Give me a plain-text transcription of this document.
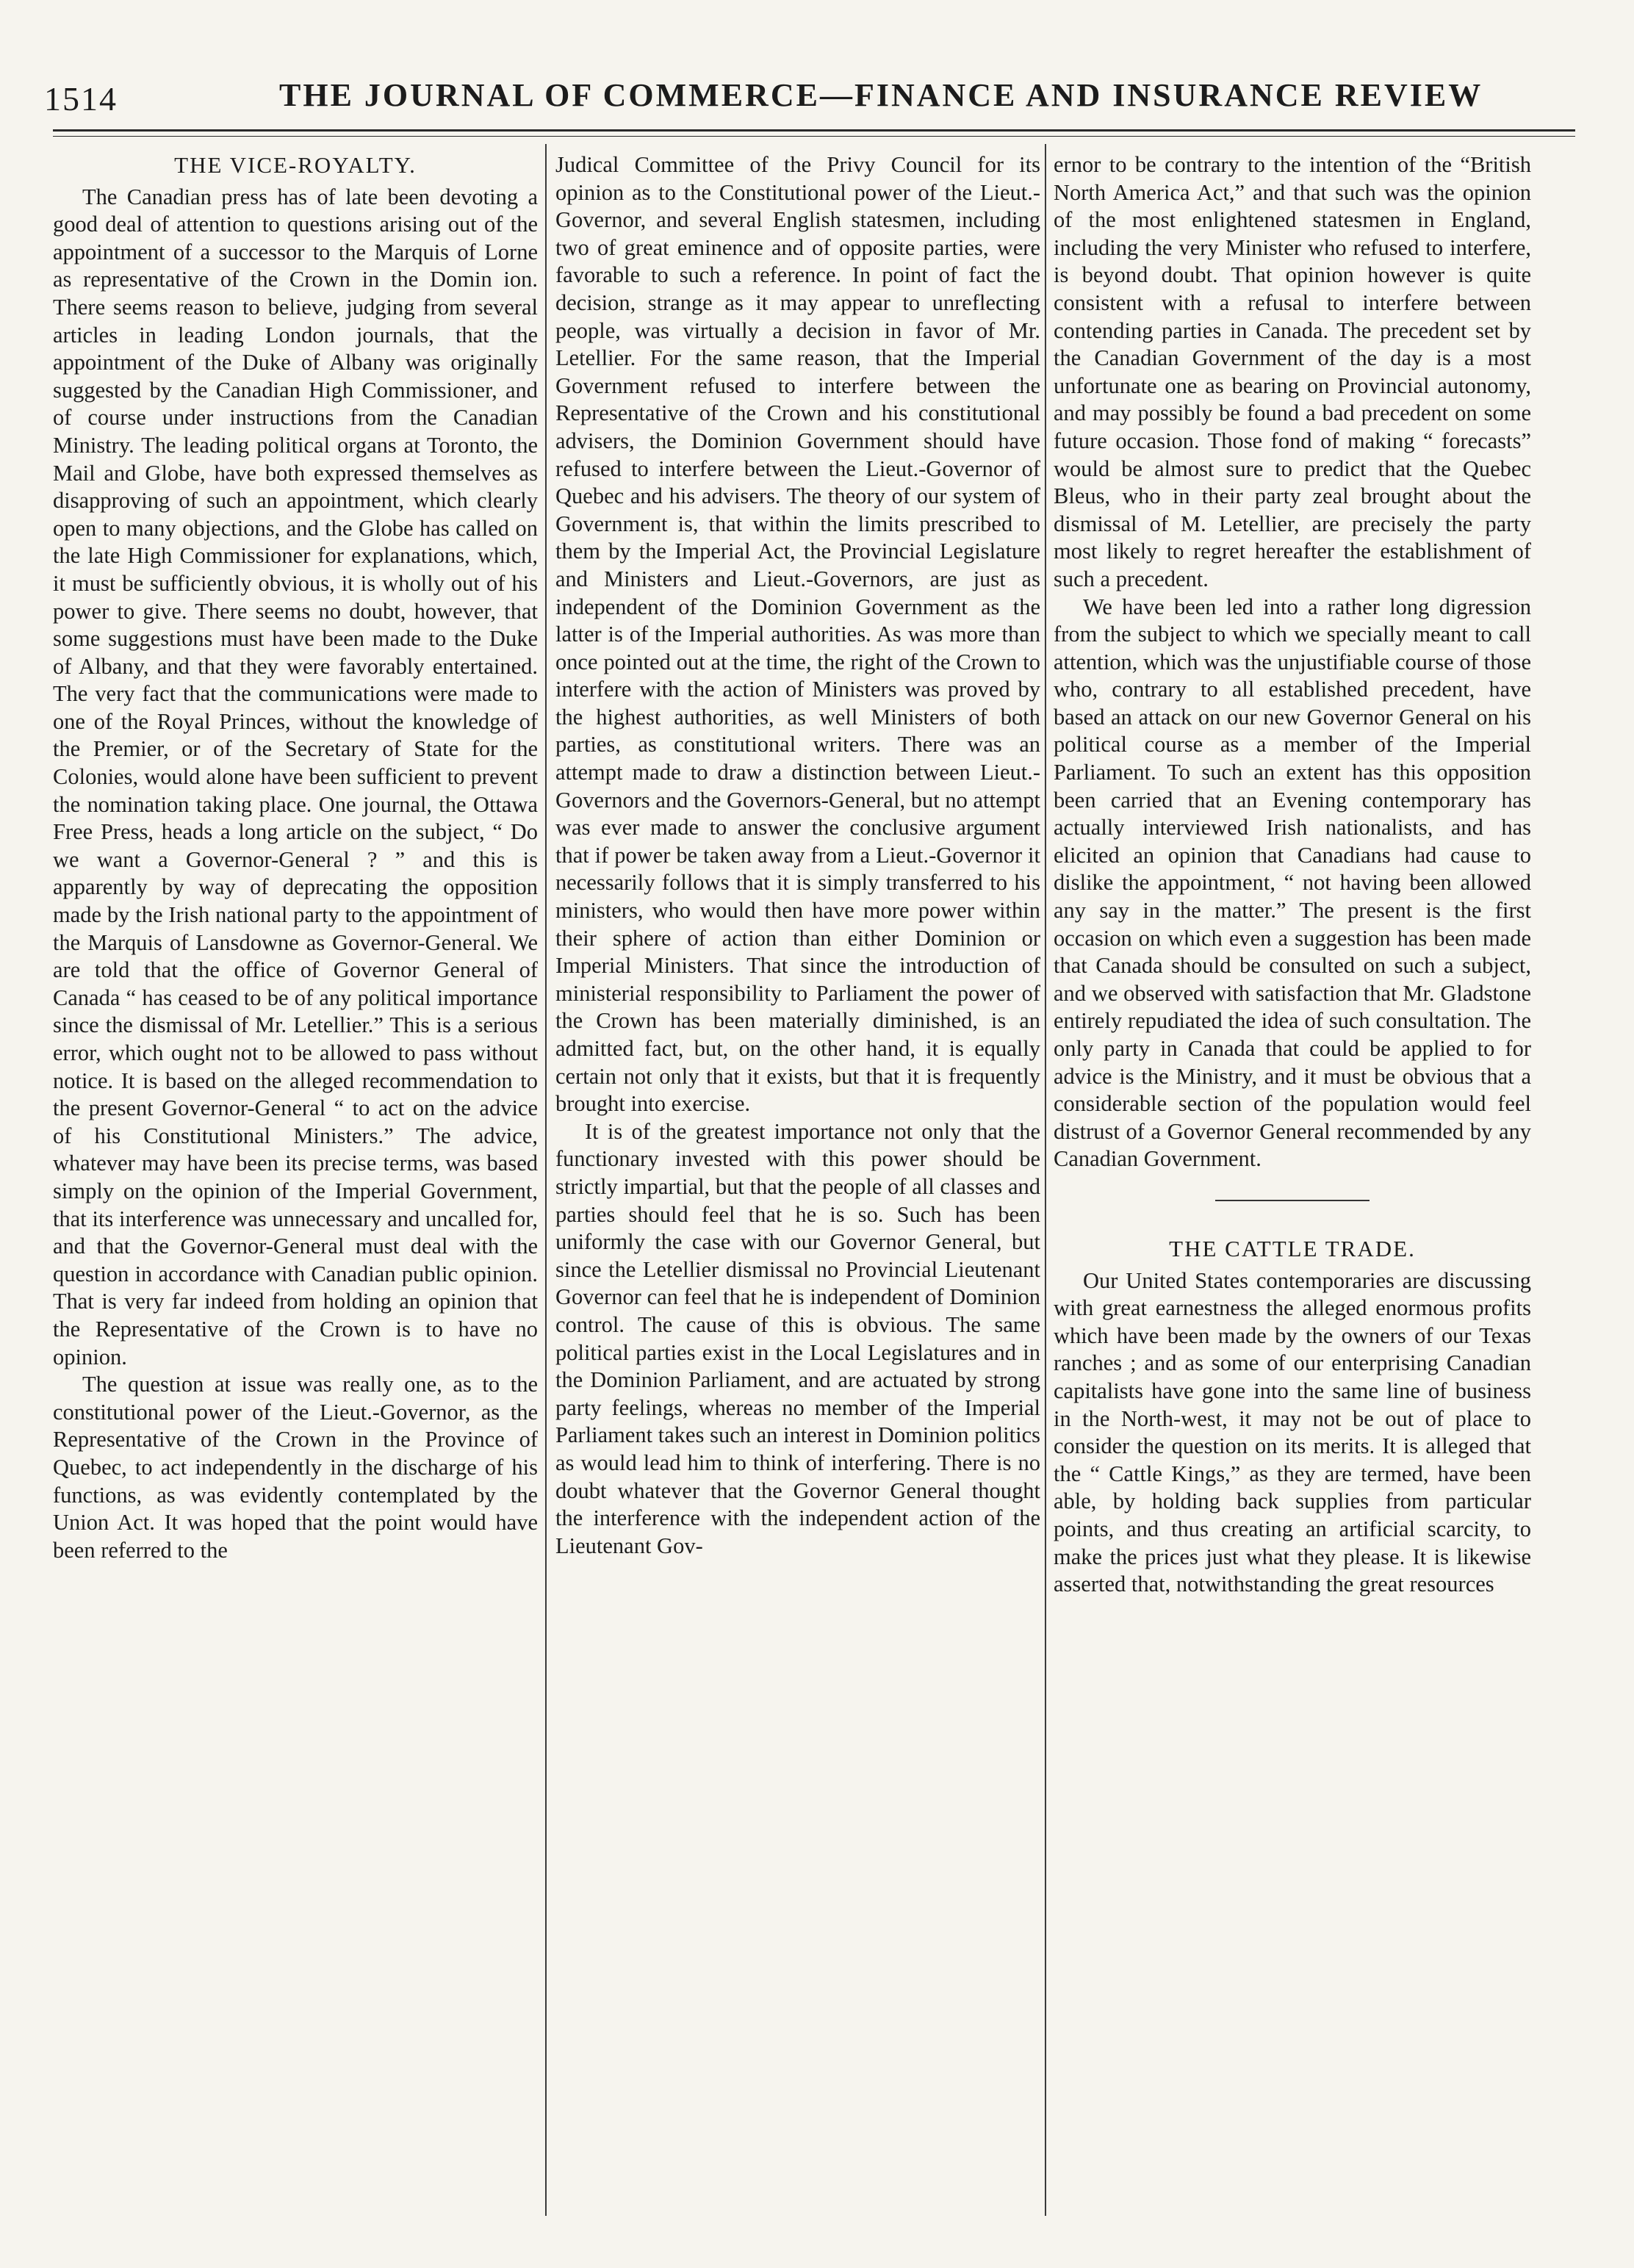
1514	THE JOURNAL OF COMMERCE—FINANCE AND INSURANCE REVIEW
THE VICE-ROYALTY.

The Canadian press has of late been devoting a good deal of attention to questions arising out of the appointment of a successor to the Marquis of Lorne as representative of the Crown in the Domin ion. There seems reason to believe, judging from several articles in leading London journals, that the appointment of the Duke of Albany was originally suggested by the Canadian High Commissioner, and of course under instructions from the Canadian Ministry. The leading political organs at Toronto, the Mail and Globe, have both expressed themselves as disapproving of such an appointment, which clearly open to many objections, and the Globe has called on the late High Commissioner for explanations, which, it must be sufficiently obvious, it is wholly out of his power to give. There seems no doubt, however, that some suggestions must have been made to the Duke of Albany, and that they were favorably entertained. The very fact that the communications were made to one of the Royal Princes, without the knowledge of the Premier, or of the Secretary of State for the Colonies, would alone have been sufficient to prevent the nomination taking place. One journal, the Ottawa Free Press, heads a long article on the subject, “ Do we want a Governor-General ? ” and this is apparently by way of deprecating the opposition made by the Irish national party to the appointment of the Marquis of Lansdowne as Governor-General. We are told that the office of Governor General of Canada “ has ceased to be of any political importance since the dismissal of Mr. Letellier.” This is a serious error, which ought not to be allowed to pass without notice. It is based on the alleged recommendation to the present Governor-General “ to act on the advice of his Constitutional Ministers.” The advice, whatever may have been its precise terms, was based simply on the opinion of the Imperial Government, that its interference was unnecessary and uncalled for, and that the Governor-General must deal with the question in accordance with Canadian public opinion. That is very far indeed from holding an opinion that the Representative of the Crown is to have no opinion.

The question at issue was really one, as to the constitutional power of the Lieut.-Governor, as the Representative of the Crown in the Province of Quebec, to act independently in the discharge of his functions, as was evidently contemplated by the Union Act. It was hoped that the point would have been referred to the

Judical Committee of the Privy Council for its opinion as to the Constitutional power of the Lieut.-Governor, and several English statesmen, including two of great eminence and of opposite parties, were favorable to such a reference. In point of fact the decision, strange as it may appear to unreflecting people, was virtually a decision in favor of Mr. Letellier. For the same reason, that the Imperial Government refused to interfere between the Representative of the Crown and his constitutional advisers, the Dominion Government should have refused to interfere between the Lieut.-Governor of Quebec and his advisers. The theory of our system of Government is, that within the limits prescribed to them by the Imperial Act, the Provincial Legislature and Ministers and Lieut.-Governors, are just as independent of the Dominion Government as the latter is of the Imperial authorities. As was more than once pointed out at the time, the right of the Crown to interfere with the action of Ministers was proved by the highest authorities, as well Ministers of both parties, as constitutional writers. There was an attempt made to draw a distinction between Lieut.-Governors and the Governors-General, but no attempt was ever made to answer the conclusive argument that if power be taken away from a Lieut.-Governor it necessarily follows that it is simply transferred to his ministers, who would then have more power within their sphere of action than either Dominion or Imperial Ministers. That since the introduction of ministerial responsibility to Parliament the power of the Crown has been materially diminished, is an admitted fact, but, on the other hand, it is equally certain not only that it exists, but that it is frequently brought into exercise.

It is of the greatest importance not only that the functionary invested with this power should be strictly impartial, but that the people of all classes and parties should feel that he is so. Such has been uniformly the case with our Governor General, but since the Letellier dismissal no Provincial Lieutenant Governor can feel that he is independent of Dominion control. The cause of this is obvious. The same political parties exist in the Local Legislatures and in the Dominion Parliament, and are actuated by strong party feelings, whereas no member of the Imperial Parliament takes such an interest in Dominion politics as would lead him to think of interfering. There is no doubt whatever that the Governor General thought the interference with the independent action of the Lieutenant Gov-

ernor to be contrary to the intention of the “British North America Act,” and that such was the opinion of the most enlightened statesmen in England, including the very Minister who refused to interfere, is beyond doubt. That opinion however is quite consistent with a refusal to interfere between contending parties in Canada. The precedent set by the Canadian Government of the day is a most unfortunate one as bearing on Provincial autonomy, and may possibly be found a bad precedent on some future occasion. Those fond of making “ forecasts” would be almost sure to predict that the Quebec Bleus, who in their party zeal brought about the dismissal of M. Letellier, are precisely the party most likely to regret hereafter the establishment of such a precedent.

We have been led into a rather long digression from the subject to which we specially meant to call attention, which was the unjustifiable course of those who, contrary to all established precedent, have based an attack on our new Governor General on his political course as a member of the Imperial Parliament. To such an extent has this opposition been carried that an Evening contemporary has actually interviewed Irish nationalists, and has elicited an opinion that Canadians had cause to dislike the appointment, “ not having been allowed any say in the matter.” The present is the first occasion on which even a suggestion has been made that Canada should be consulted on such a subject, and we observed with satisfaction that Mr. Gladstone entirely repudiated the idea of such consultation. The only party in Canada that could be applied to for advice is the Ministry, and it must be obvious that a considerable section of the population would feel distrust of a Governor General recommended by any Canadian Government.

THE CATTLE TRADE.

Our United States contemporaries are discussing with great earnestness the alleged enormous profits which have been made by the owners of our Texas ranches ; and as some of our enterprising Canadian capitalists have gone into the same line of business in the North-west, it may not be out of place to consider the question on its merits. It is alleged that the “ Cattle Kings,” as they are termed, have been able, by holding back supplies from particular points, and thus creating an artificial scarcity, to make the prices just what they please. It is likewise asserted that, notwithstanding the great resources
